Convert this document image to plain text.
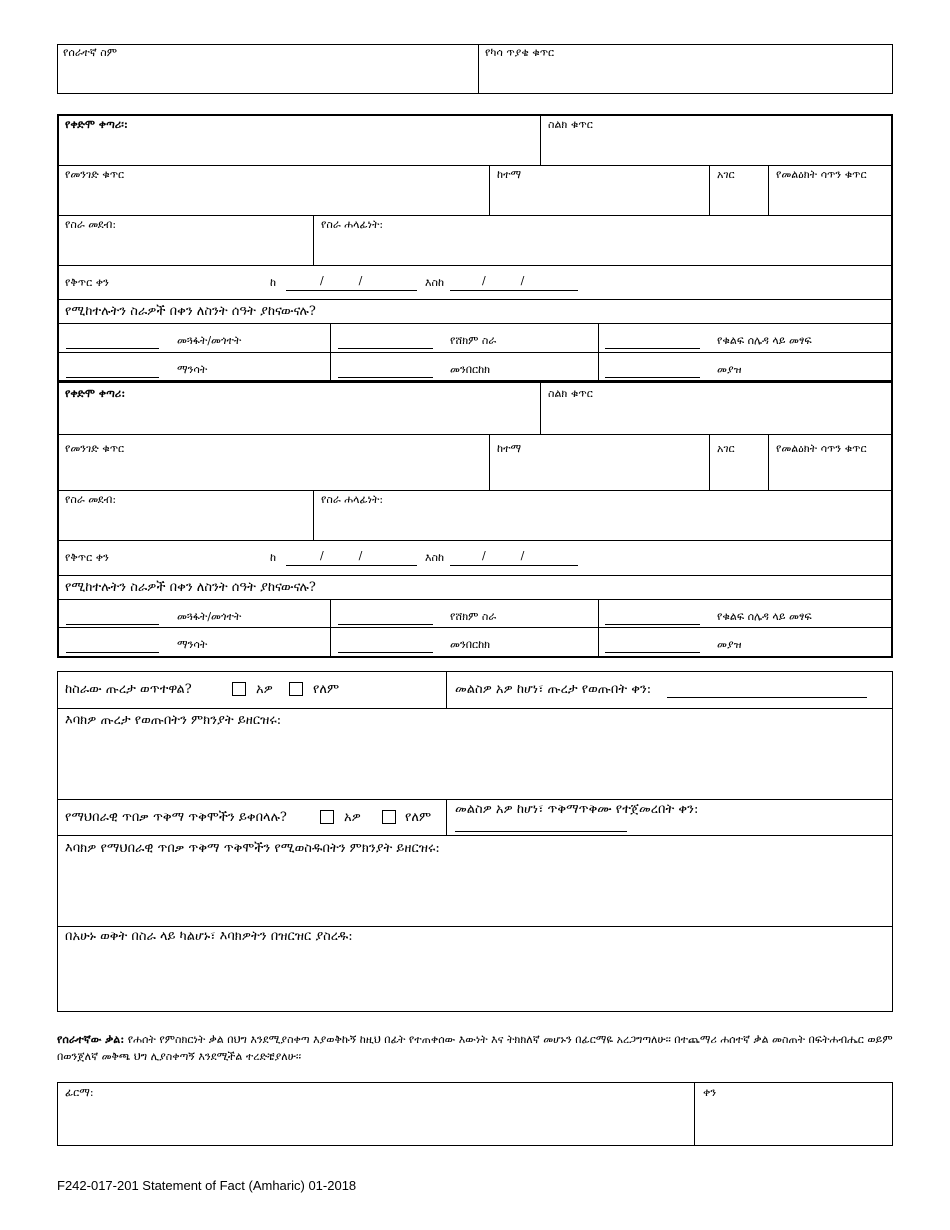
የሰራተኛ ስም	የካሳ ጥያቄ ቁጥር
የቀድሞ ቀጣሪ፡:	ስልክ ቁጥር
የመንገድ ቁጥር	ከተማ	አገር	የመልዕክት ሳጥን ቁጥር
የስራ መደብ:	የስራ ሐላፊነት:
የቅጥር ቀን	ከ	እስከ
/          /	/          /
የሚከተሉትን ስራዎች በቀን ለስንት ሰዓት ያከናውናሉ?
መጓፋት/መጎተት	የሸክም ስራ	የቁልፍ ሰሌዳ ላይ መፃፍ
ማንሳት	መንበርከክ	መያዝ
የቀድሞ ቀጣሪ:	ስልክ ቁጥር
የመንገድ ቁጥር	ከተማ	አገር	የመልዕክት ሳጥን ቁጥር
የስራ መደብ:	የስራ ሐላፊነት:
የቅጥር ቀን	ከ	እስከ
/          /	/          /
የሚከተሉትን ስራዎች በቀን ለስንት ሰዓት ያከናውናሉ?
መጓፋት/መጎተት	የሸክም ስራ	የቁልፍ ሰሌዳ ላይ መፃፍ
ማንሳት	መንበርከክ	መያዝ
ከስራው ጡረታ ወጥተዋል?	አዎ	የለም	መልስዎ አዎ ከሆነ፣ ጡረታ የወጡበት ቀን:
እባክዎ ጡረታ የወጡበትን ምክንያት ይዘርዝሩ:
የማህበራዊ ጥበቃ ጥቅማ ጥቅሞችን ይቀበላሉ?	አዎ	የለም
መልስዎ አዎ ከሆነ፣ ጥቅማጥቅሙ የተጀመረበት ቀን:
እባክዎ የማህበራዊ ጥበቃ ጥቅማ ጥቅሞችን የሚወስዱበትን ምክንያት ይዘርዝሩ:
በአሁኑ ወቅት በስራ ላይ ካልሆኑ፣ እባክዎትን በዝርዝር ያስረዱ:
የሰራተኛው ቃል: የሐሰት የምስክርነት ቃል በህግ እንደሚያስቀጣ እያወቅኩኝ ከዚህ በፊት የተጠቀሰው እውነት እና ትክክለኛ መሆኑን በፊርማዬ አረጋግጣለሁ፡፡ በተጨማሪ ሐሰተኛ ቃል መስጠት በፍትሐብሔር ወይም በወንጀለኛ መቅጫ ህግ ሊያስቀጣኝ እንደሚችል ተረድቼያለሁ፡፡
ፊርማ:	ቀን
F242-017-201 Statement of Fact (Amharic) 01-2018
